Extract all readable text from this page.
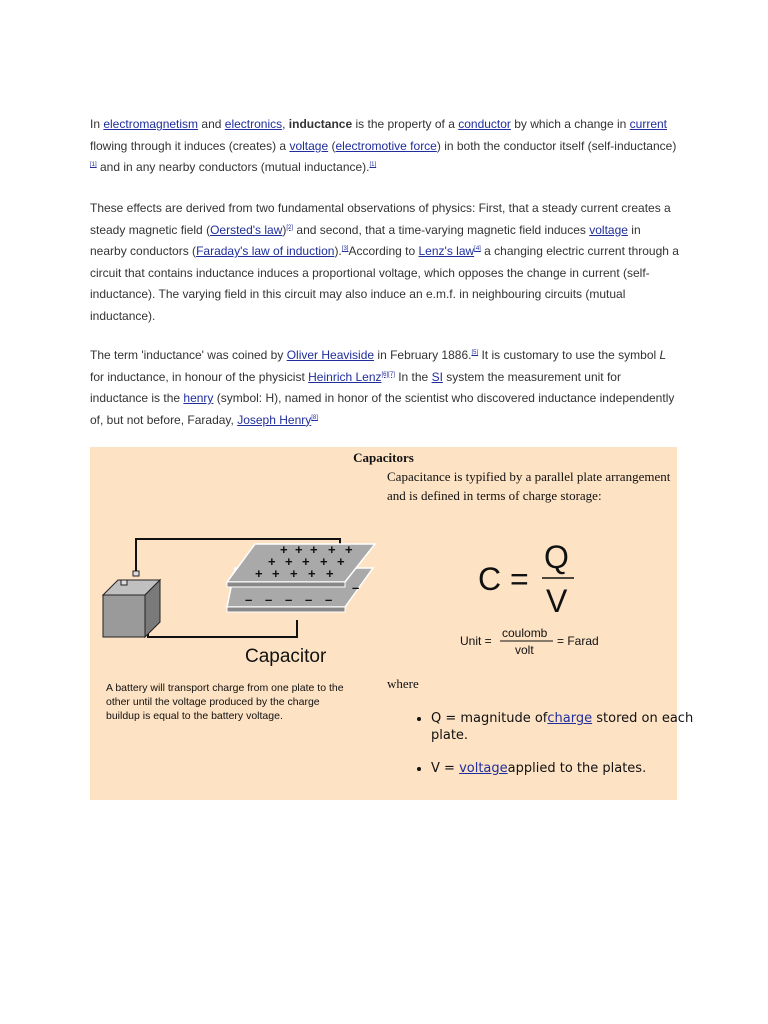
In electromagnetism and electronics, inductance is the property of a conductor by which a change in current flowing through it induces (creates) a voltage (electromotive force) in both the conductor itself (self-inductance)[1] and in any nearby conductors (mutual inductance).[1]

These effects are derived from two fundamental observations of physics: First, that a steady current creates a steady magnetic field (Oersted's law)[2] and second, that a time-varying magnetic field induces voltage in nearby conductors (Faraday's law of induction).[3]According to Lenz's law[4] a changing electric current through a circuit that contains inductance induces a proportional voltage, which opposes the change in current (self-inductance). The varying field in this circuit may also induce an e.m.f. in neighbouring circuits (mutual inductance).

The term 'inductance' was coined by Oliver Heaviside in February 1886.[5] It is customary to use the symbol L for inductance, in honour of the physicist Heinrich Lenz[6][7] In the SI system the measurement unit for inductance is the henry (symbol: H), named in honor of the scientist who discovered inductance independently of, but not before, Faraday, Joseph Henry[8]

Capacitors
Capacitance is typified by a parallel plate arrangement and is defined in terms of charge storage:
+ + + + +
+ + + + +
+ + + + +
– – – – –
–
Capacitor
A battery will transport charge from one plate to the other until the voltage produced by the charge buildup is equal to the battery voltage.
C =
Q
V
Unit =
coulomb
volt
= Farad
where
• Q = magnitude ofcharge stored on each plate.
• V = voltageapplied to the plates.
